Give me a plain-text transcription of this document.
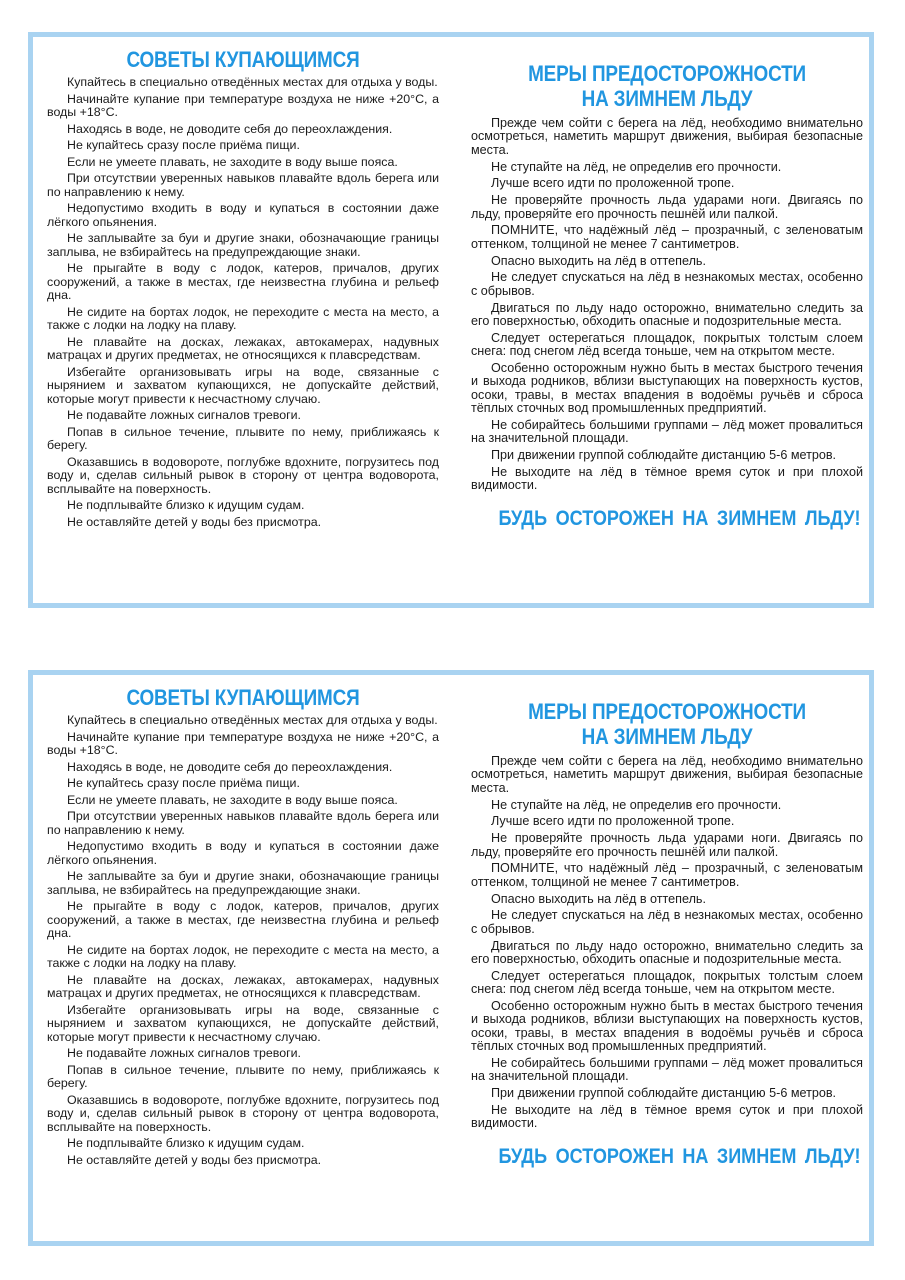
СОВЕТЫ КУПАЮЩИМСЯ

Купайтесь в специально отведённых местах для отдыха у воды.

Начинайте купание при температуре воздуха не ниже +20°С, а воды +18°С.

Находясь в воде, не доводите себя до переохлаждения.

Не купайтесь сразу после приёма пищи.

Если не умеете плавать, не заходите в воду выше пояса.

При отсутствии уверенных навыков плавайте вдоль берега или по направлению к нему.

Недопустимо входить в воду и купаться в состоянии даже лёгкого опьянения.

Не заплывайте за буи и другие знаки, обозначающие границы заплыва, не взбирайтесь на предупреждающие знаки.

Не прыгайте в воду с лодок, катеров, причалов, других сооружений, а также в местах, где неизвестна глубина и рельеф дна.

Не сидите на бортах лодок, не переходите с места на место, а также с лодки на лодку на плаву.

Не плавайте на досках, лежаках, автокамерах, надувных матрацах и других предметах, не относящихся к плавсредствам.

Избегайте организовывать игры на воде, связанные с нырянием и захватом купающихся, не допускайте действий, которые могут привести к несчастному случаю.

Не подавайте ложных сигналов тревоги.

Попав в сильное течение, плывите по нему, приближаясь к берегу.

Оказавшись в водовороте, поглубже вдохните, погрузитесь под воду и, сделав сильный рывок в сторону от центра водоворота, всплывайте на поверхность.

Не подплывайте близко к идущим судам.

Не оставляйте детей у воды без присмотра.

МЕРЫ ПРЕДОСТОРОЖНОСТИ
НА ЗИМНЕМ ЛЬДУ

Прежде чем сойти с берега на лёд, необходимо внимательно осмотреться, наметить маршрут движения, выбирая безопасные места.

Не ступайте на лёд, не определив его прочности.

Лучше всего идти по проложенной тропе.

Не проверяйте прочность льда ударами ноги. Двигаясь по льду, проверяйте его прочность пешнёй или палкой.

ПОМНИТЕ, что надёжный лёд – прозрачный, с зеленоватым оттенком, толщиной не менее 7 сантиметров.

Опасно выходить на лёд в оттепель.

Не следует спускаться на лёд в незнакомых местах, особенно с обрывов.

Двигаться по льду надо осторожно, внимательно следить за его поверхностью, обходить опасные и подозрительные места.

Следует остерегаться площадок, покрытых толстым слоем снега: под снегом лёд всегда тоньше, чем на открытом месте.

Особенно осторожным нужно быть в местах быстрого течения и выхода родников, вблизи выступающих на поверхность кустов, осоки, травы, в местах впадения в водоёмы ручьёв и сброса тёплых сточных вод промышленных предприятий.

Не собирайтесь большими группами – лёд может провалиться на значительной площади.

При движении группой соблюдайте дистанцию 5-6 метров.

Не выходите на лёд в тёмное время суток и при плохой видимости.

БУДЬ ОСТОРОЖЕН НА ЗИМНЕМ ЛЬДУ!
СОВЕТЫ КУПАЮЩИМСЯ

Купайтесь в специально отведённых местах для отдыха у воды.

Начинайте купание при температуре воздуха не ниже +20°С, а воды +18°С.

Находясь в воде, не доводите себя до переохлаждения.

Не купайтесь сразу после приёма пищи.

Если не умеете плавать, не заходите в воду выше пояса.

При отсутствии уверенных навыков плавайте вдоль берега или по направлению к нему.

Недопустимо входить в воду и купаться в состоянии даже лёгкого опьянения.

Не заплывайте за буи и другие знаки, обозначающие границы заплыва, не взбирайтесь на предупреждающие знаки.

Не прыгайте в воду с лодок, катеров, причалов, других сооружений, а также в местах, где неизвестна глубина и рельеф дна.

Не сидите на бортах лодок, не переходите с места на место, а также с лодки на лодку на плаву.

Не плавайте на досках, лежаках, автокамерах, надувных матрацах и других предметах, не относящихся к плавсредствам.

Избегайте организовывать игры на воде, связанные с нырянием и захватом купающихся, не допускайте действий, которые могут привести к несчастному случаю.

Не подавайте ложных сигналов тревоги.

Попав в сильное течение, плывите по нему, приближаясь к берегу.

Оказавшись в водовороте, поглубже вдохните, погрузитесь под воду и, сделав сильный рывок в сторону от центра водоворота, всплывайте на поверхность.

Не подплывайте близко к идущим судам.

Не оставляйте детей у воды без присмотра.

МЕРЫ ПРЕДОСТОРОЖНОСТИ
НА ЗИМНЕМ ЛЬДУ

Прежде чем сойти с берега на лёд, необходимо внимательно осмотреться, наметить маршрут движения, выбирая безопасные места.

Не ступайте на лёд, не определив его прочности.

Лучше всего идти по проложенной тропе.

Не проверяйте прочность льда ударами ноги. Двигаясь по льду, проверяйте его прочность пешнёй или палкой.

ПОМНИТЕ, что надёжный лёд – прозрачный, с зеленоватым оттенком, толщиной не менее 7 сантиметров.

Опасно выходить на лёд в оттепель.

Не следует спускаться на лёд в незнакомых местах, особенно с обрывов.

Двигаться по льду надо осторожно, внимательно следить за его поверхностью, обходить опасные и подозрительные места.

Следует остерегаться площадок, покрытых толстым слоем снега: под снегом лёд всегда тоньше, чем на открытом месте.

Особенно осторожным нужно быть в местах быстрого течения и выхода родников, вблизи выступающих на поверхность кустов, осоки, травы, в местах впадения в водоёмы ручьёв и сброса тёплых сточных вод промышленных предприятий.

Не собирайтесь большими группами – лёд может провалиться на значительной площади.

При движении группой соблюдайте дистанцию 5-6 метров.

Не выходите на лёд в тёмное время суток и при плохой видимости.

БУДЬ ОСТОРОЖЕН НА ЗИМНЕМ ЛЬДУ!
